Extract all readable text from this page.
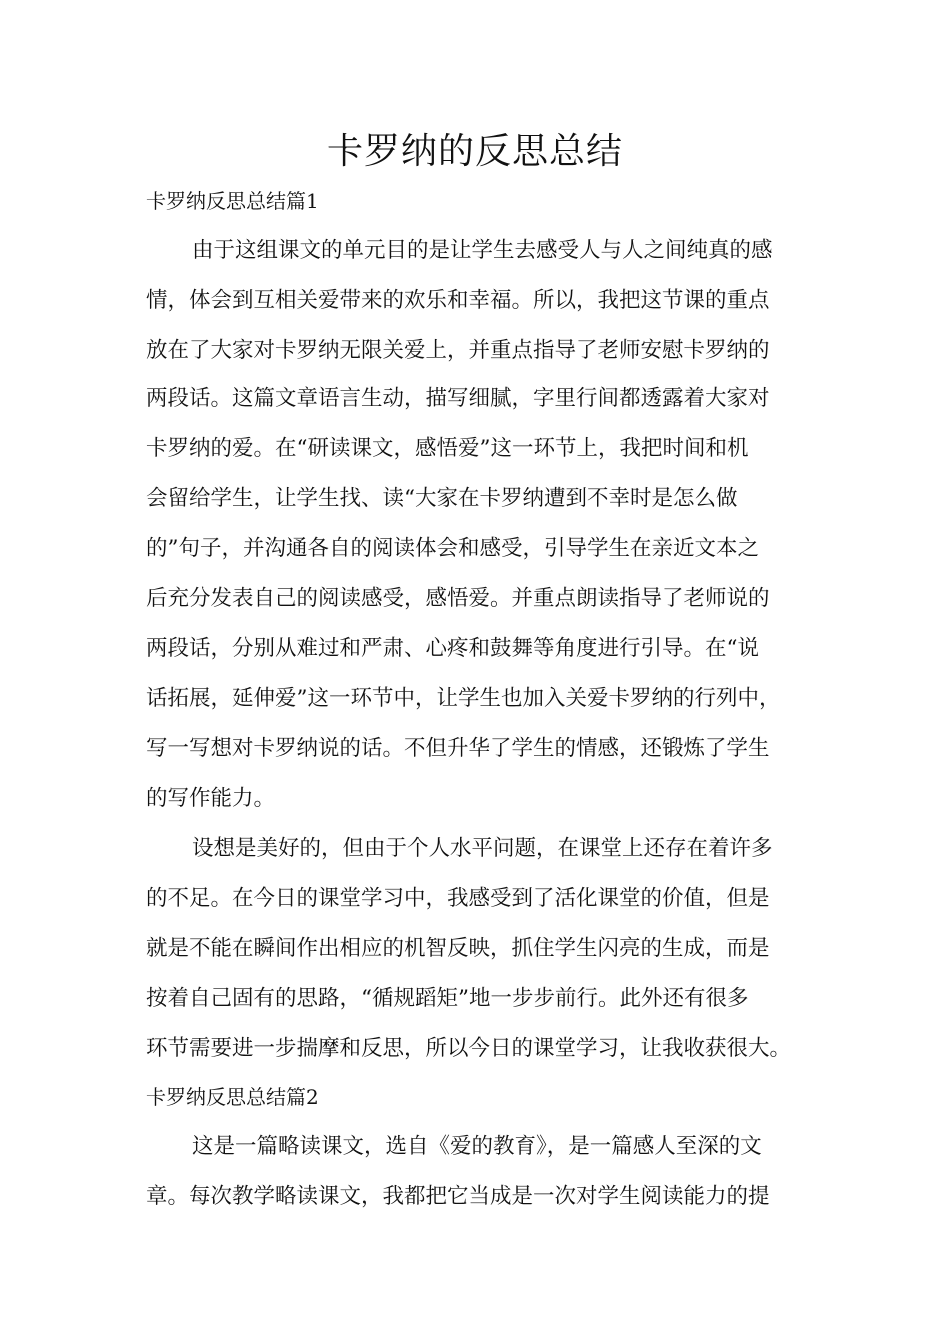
卡罗纳的反思总结
卡罗纳反思总结篇1
由于这组课文的单元目的是让学生去感受人与人之间纯真的感
情，体会到互相关爱带来的欢乐和幸福。所以，我把这节课的重点
放在了大家对卡罗纳无限关爱上，并重点指导了老师安慰卡罗纳的
两段话。这篇文章语言生动，描写细腻，字里行间都透露着大家对
卡罗纳的爱。在“研读课文，感悟爱”这一环节上，我把时间和机
会留给学生，让学生找、读“大家在卡罗纳遭到不幸时是怎么做
的”句子，并沟通各自的阅读体会和感受，引导学生在亲近文本之
后充分发表自己的阅读感受，感悟爱。并重点朗读指导了老师说的
两段话，分别从难过和严肃、心疼和鼓舞等角度进行引导。在“说
话拓展，延伸爱”这一环节中，让学生也加入关爱卡罗纳的行列中，
写一写想对卡罗纳说的话。不但升华了学生的情感，还锻炼了学生
的写作能力。
设想是美好的，但由于个人水平问题，在课堂上还存在着许多
的不足。在今日的课堂学习中，我感受到了活化课堂的价值，但是
就是不能在瞬间作出相应的机智反映，抓住学生闪亮的生成，而是
按着自己固有的思路，“循规蹈矩”地一步步前行。此外还有很多
环节需要进一步揣摩和反思，所以今日的课堂学习，让我收获很大。
卡罗纳反思总结篇2
这是一篇略读课文，选自《爱的教育》，是一篇感人至深的文
章。每次教学略读课文，我都把它当成是一次对学生阅读能力的提
